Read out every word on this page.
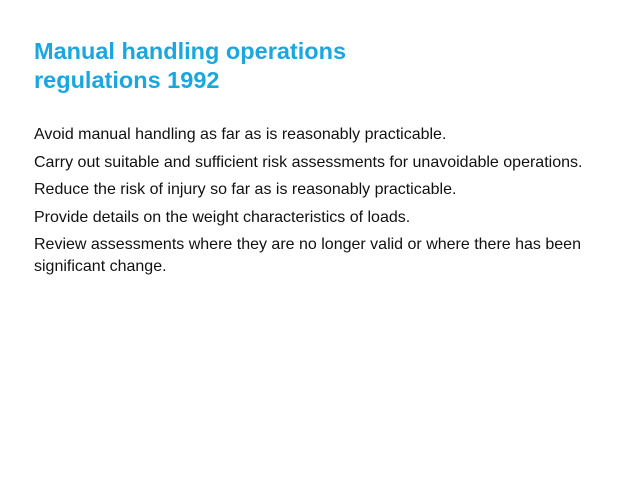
Manual handling operations
regulations 1992
Avoid manual handling as far as is reasonably practicable.
Carry out suitable and sufficient risk assessments for unavoidable operations.
Reduce the risk of injury so far as is reasonably practicable.
Provide details on the weight characteristics of loads.
Review assessments where they are no longer valid or where there has been significant change.
